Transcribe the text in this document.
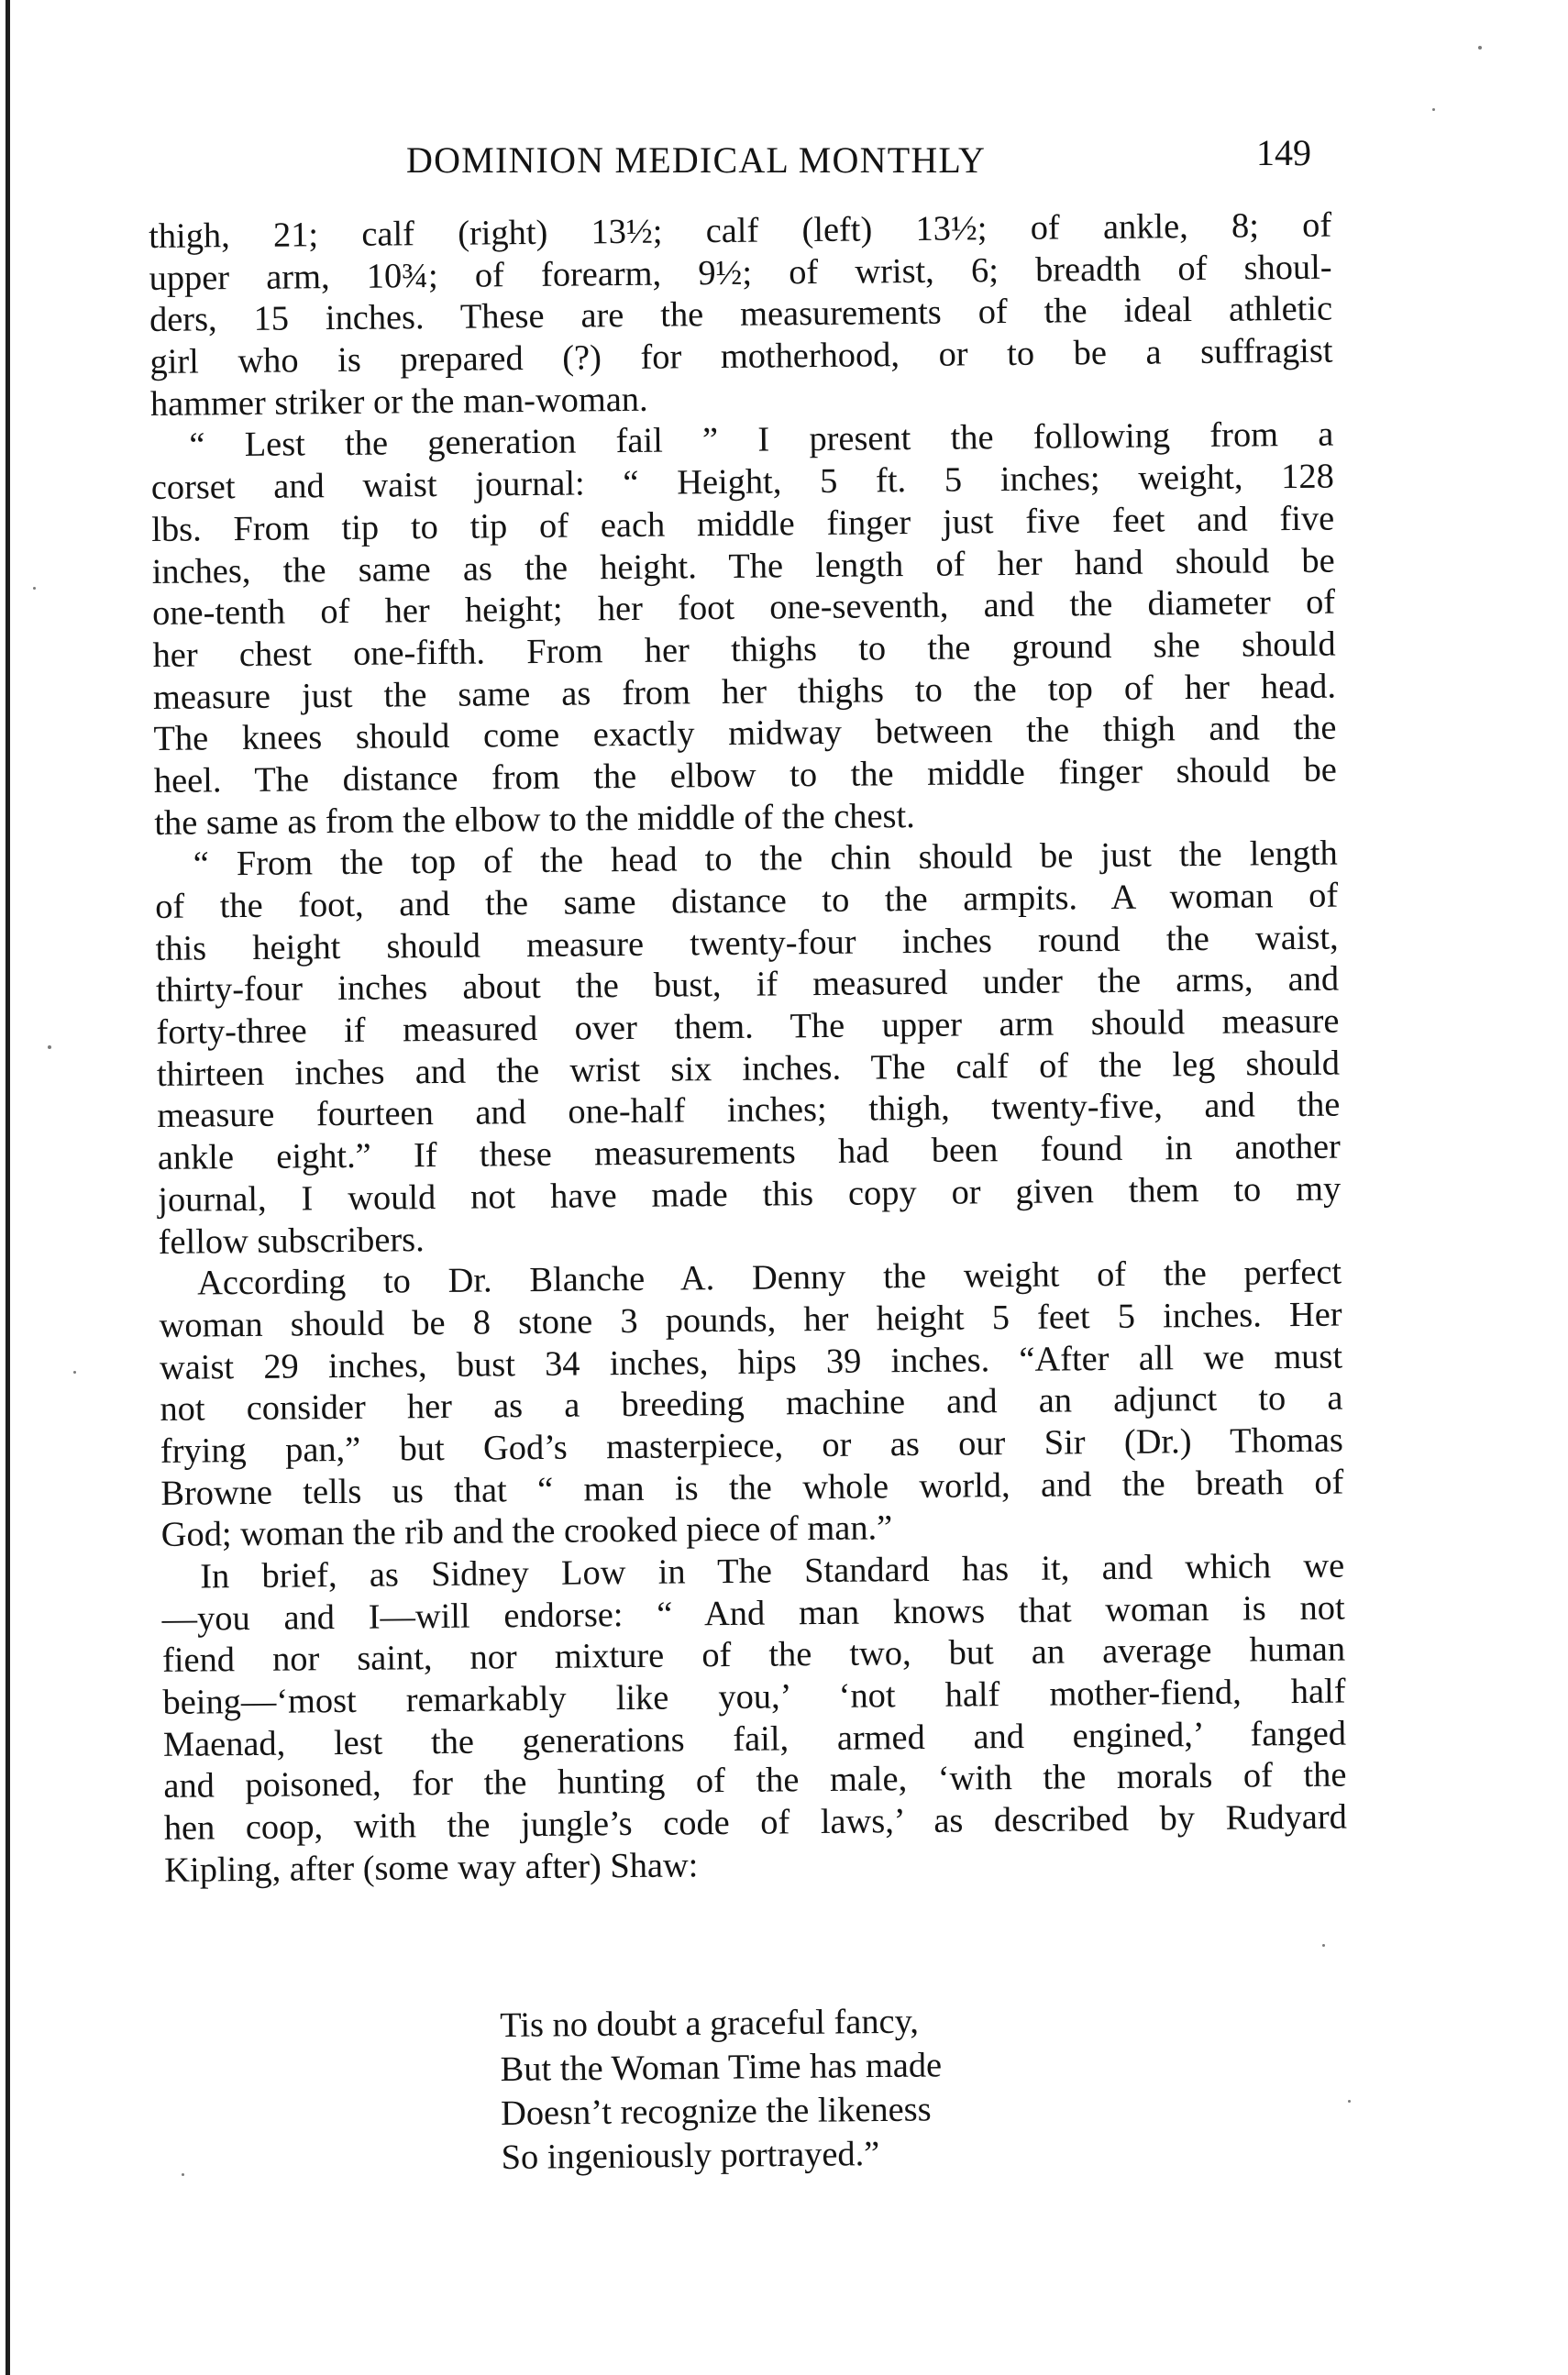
DOMINION MEDICAL MONTHLY	149
thigh, 21; calf (right) 13½; calf (left) 13½; of ankle, 8; of
upper arm, 10¾; of forearm, 9½; of wrist, 6; breadth of shoul-
ders, 15 inches. These are the measurements of the ideal athletic
girl who is prepared (?) for motherhood, or to be a suffragist
hammer striker or the man-woman.
“ Lest the generation fail ” I present the following from a
corset and waist journal: “ Height, 5 ft. 5 inches; weight, 128
lbs. From tip to tip of each middle finger just five feet and five
inches, the same as the height. The length of her hand should be
one-tenth of her height; her foot one-seventh, and the diameter of
her chest one-fifth. From her thighs to the ground she should
measure just the same as from her thighs to the top of her head.
The knees should come exactly midway between the thigh and the
heel. The distance from the elbow to the middle finger should be
the same as from the elbow to the middle of the chest.
“ From the top of the head to the chin should be just the length
of the foot, and the same distance to the armpits. A woman of
this height should measure twenty-four inches round the waist,
thirty-four inches about the bust, if measured under the arms, and
forty-three if measured over them. The upper arm should measure
thirteen inches and the wrist six inches. The calf of the leg should
measure fourteen and one-half inches; thigh, twenty-five, and the
ankle eight.” If these measurements had been found in another
journal, I would not have made this copy or given them to my
fellow subscribers.
According to Dr. Blanche A. Denny the weight of the perfect
woman should be 8 stone 3 pounds, her height 5 feet 5 inches. Her
waist 29 inches, bust 34 inches, hips 39 inches. “After all we must
not consider her as a breeding machine and an adjunct to a
frying pan,” but God’s masterpiece, or as our Sir (Dr.) Thomas
Browne tells us that “ man is the whole world, and the breath of
God; woman the rib and the crooked piece of man.”
In brief, as Sidney Low in The Standard has it, and which we
—you and I—will endorse: “ And man knows that woman is not
fiend nor saint, nor mixture of the two, but an average human
being—‘most remarkably like you,’ ‘not half mother-fiend, half
Maenad, lest the generations fail, armed and engined,’ fanged
and poisoned, for the hunting of the male, ‘with the morals of the
hen coop, with the jungle’s code of laws,’ as described by Rudyard
Kipling, after (some way after) Shaw:
Tis no doubt a graceful fancy,
But the Woman Time has made
Doesn’t recognize the likeness
So ingeniously portrayed.”
